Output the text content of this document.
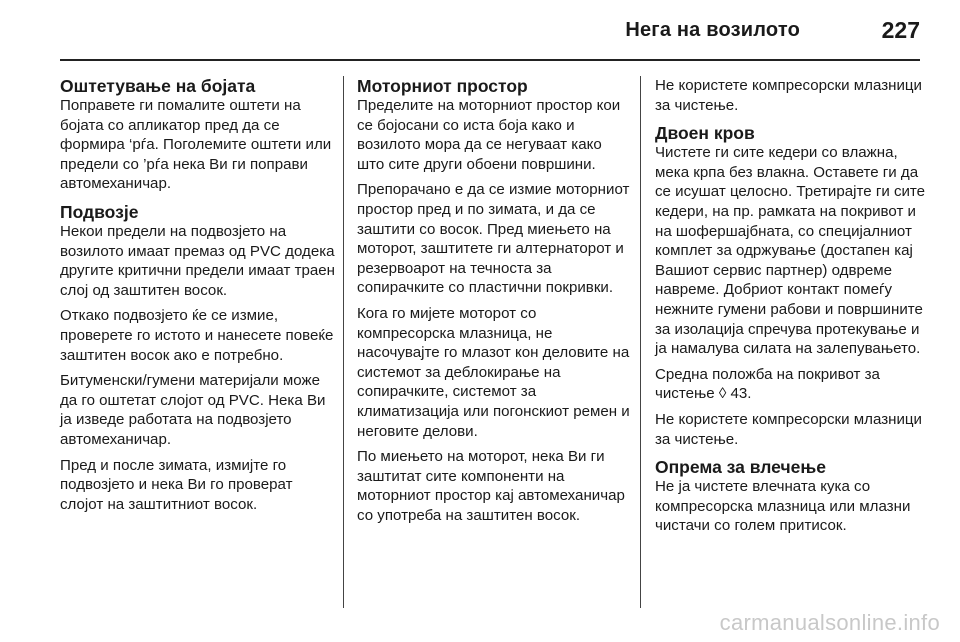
Нега на возилото	227
Оштетување на бојата

Поправете ги помалите оштети на бојата со апликатор пред да се формира ‘рѓа. Поголемите оштети или предели со ’рѓа нека Ви ги поправи автомеханичар.

Подвозје

Некои предели на подвозјето на возилото имаат премаз од PVC додека другите критични предели имаат траен слој од заштитен восок.

Откако подвозјето ќе се измие, проверете го истото и нанесете повеќе заштитен восок ако е потребно.

Битуменски/гумени материјали може да го оштетат слојот од PVC. Нека Ви ја изведе работата на подвозјето автомеханичар.

Пред и после зимата, измијте го подвозјето и нека Ви го проверат слојот на заштитниот восок.

Моторниот простор

Пределите на моторниот простор кои се бојосани со иста боја како и возилото мора да се негуваат како што сите други обоени површини.

Препорачано е да се измие моторниот простор пред и по зимата, и да се заштити со восок. Пред миењето на моторот, заштитете ги алтернаторот и резервоарот на течноста за сопирачките со пластични покривки.

Кога го мијете моторот со компресорска млазница, не насочувајте го млазот кон деловите на системот за деблокирање на сопирачките, системот за климатизација или погонскиот ремен и неговите делови.

По миењето на моторот, нека Ви ги заштитат сите компоненти на моторниот простор кај автомеханичар со употреба на заштитен восок.

Не користете компресорски млазници за чистење.

Двоен кров

Чистете ги сите кедери со влажна, мека крпа без влакна. Оставете ги да се исушат целосно. Третирајте ги сите кедери, на пр. рамката на покривот и на шофершајбната, со специјалниот комплет за одржување (достапен кај Вашиот сервис партнер) одвреме навреме. Добриот контакт помеѓу нежните гумени рабови и површините за изолација спречува протекување и ја намалува силата на залепувањето.

Средна положба на покривот за чистење ◊ 43.

Не користете компресорски млазници за чистење.

Опрема за влечење

Не ја чистете влечната кука со компресорска млазница или млазни чистачи со голем притисок.

carmanualsonline.info
